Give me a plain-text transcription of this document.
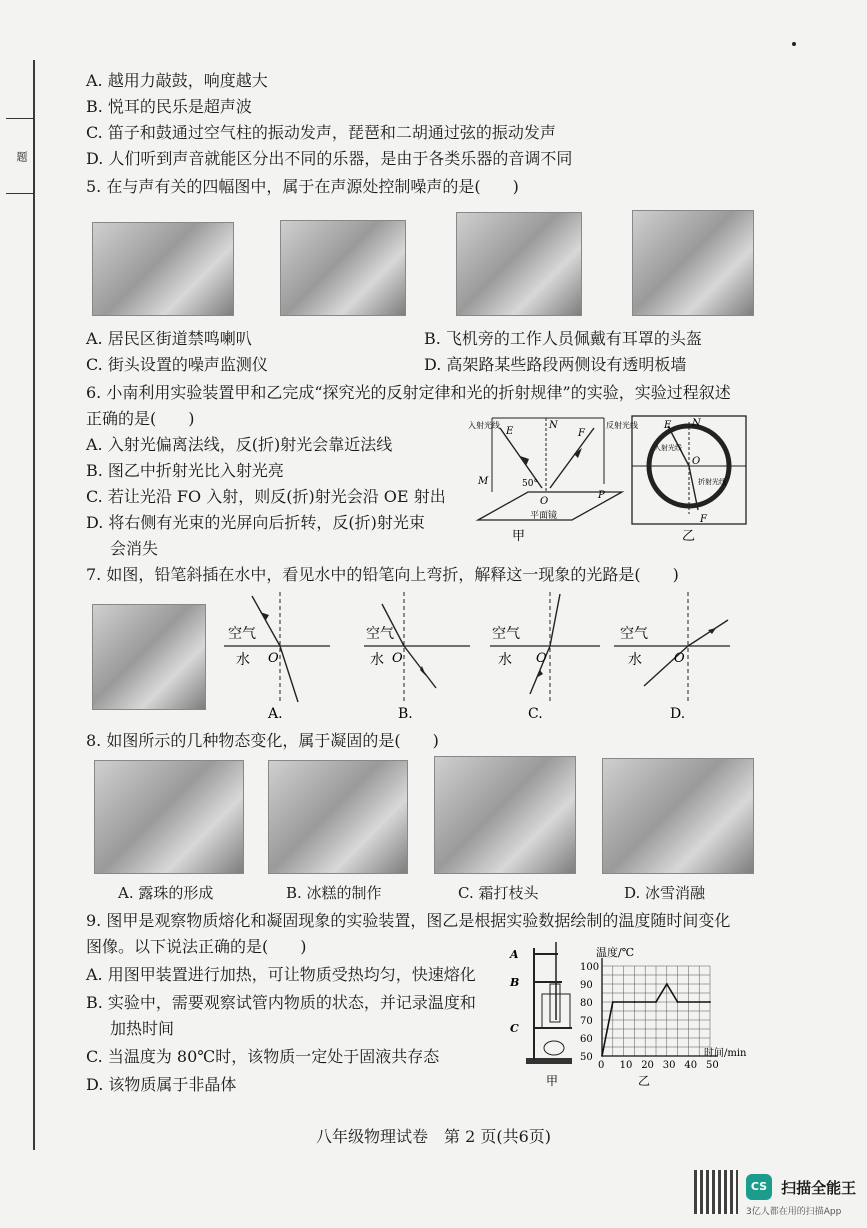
题
A. 越用力敲鼓，响度越大
B. 悦耳的民乐是超声波
C. 笛子和鼓通过空气柱的振动发声，琵琶和二胡通过弦的振动发声
D. 人们听到声音就能区分出不同的乐器，是由于各类乐器的音调不同
5. 在与声有关的四幅图中，属于在声源处控制噪声的是(　　)
A. 居民区街道禁鸣喇叭	B. 飞机旁的工作人员佩戴有耳罩的头盔
C. 街头设置的噪声监测仪	D. 高架路某些路段两侧设有透明板墙
6. 小南利用实验装置甲和乙完成“探究光的反射定律和光的折射规律”的实验，实验过程叙述
正确的是(　　)
A. 入射光偏离法线，反(折)射光会靠近法线
B. 图乙中折射光比入射光亮
C. 若让光沿 FO 入射，则反(折)射光会沿 OE 射出
D. 将右侧有光束的光屏向后折转，反(折)射光束
会消失
入射光线	反射光线
E
N
F
M
O
P
50°
平面镜
甲
E N
O
F
入射光线
折射光线
乙
7. 如图，铅笔斜插在水中，看见水中的铅笔向上弯折，解释这一现象的光路是(　　)
空气
水 O
A.
空气
水 O
B.
空气
水 O
C.
空气
水 O
D.
8. 如图所示的几种物态变化，属于凝固的是(　　)
A. 露珠的形成	B. 冰糕的制作	C. 霜打枝头	D. 冰雪消融
9. 图甲是观察物质熔化和凝固现象的实验装置，图乙是根据实验数据绘制的温度随时间变化
图像。以下说法正确的是(　　)
A. 用图甲装置进行加热，可让物质受热均匀，快速熔化
B. 实验中，需要观察试管内物质的状态，并记录温度和
加热时间
C. 当温度为 80℃时，该物质一定处于固液共存态
D. 该物质属于非晶体
A
B
C
甲
温度/℃
时间/min
乙
0 10 20 30 40 50
50
60
70
80
90
100
八年级物理试卷　第 2 页(共6页)
CS 扫描全能王
3亿人都在用的扫描App
